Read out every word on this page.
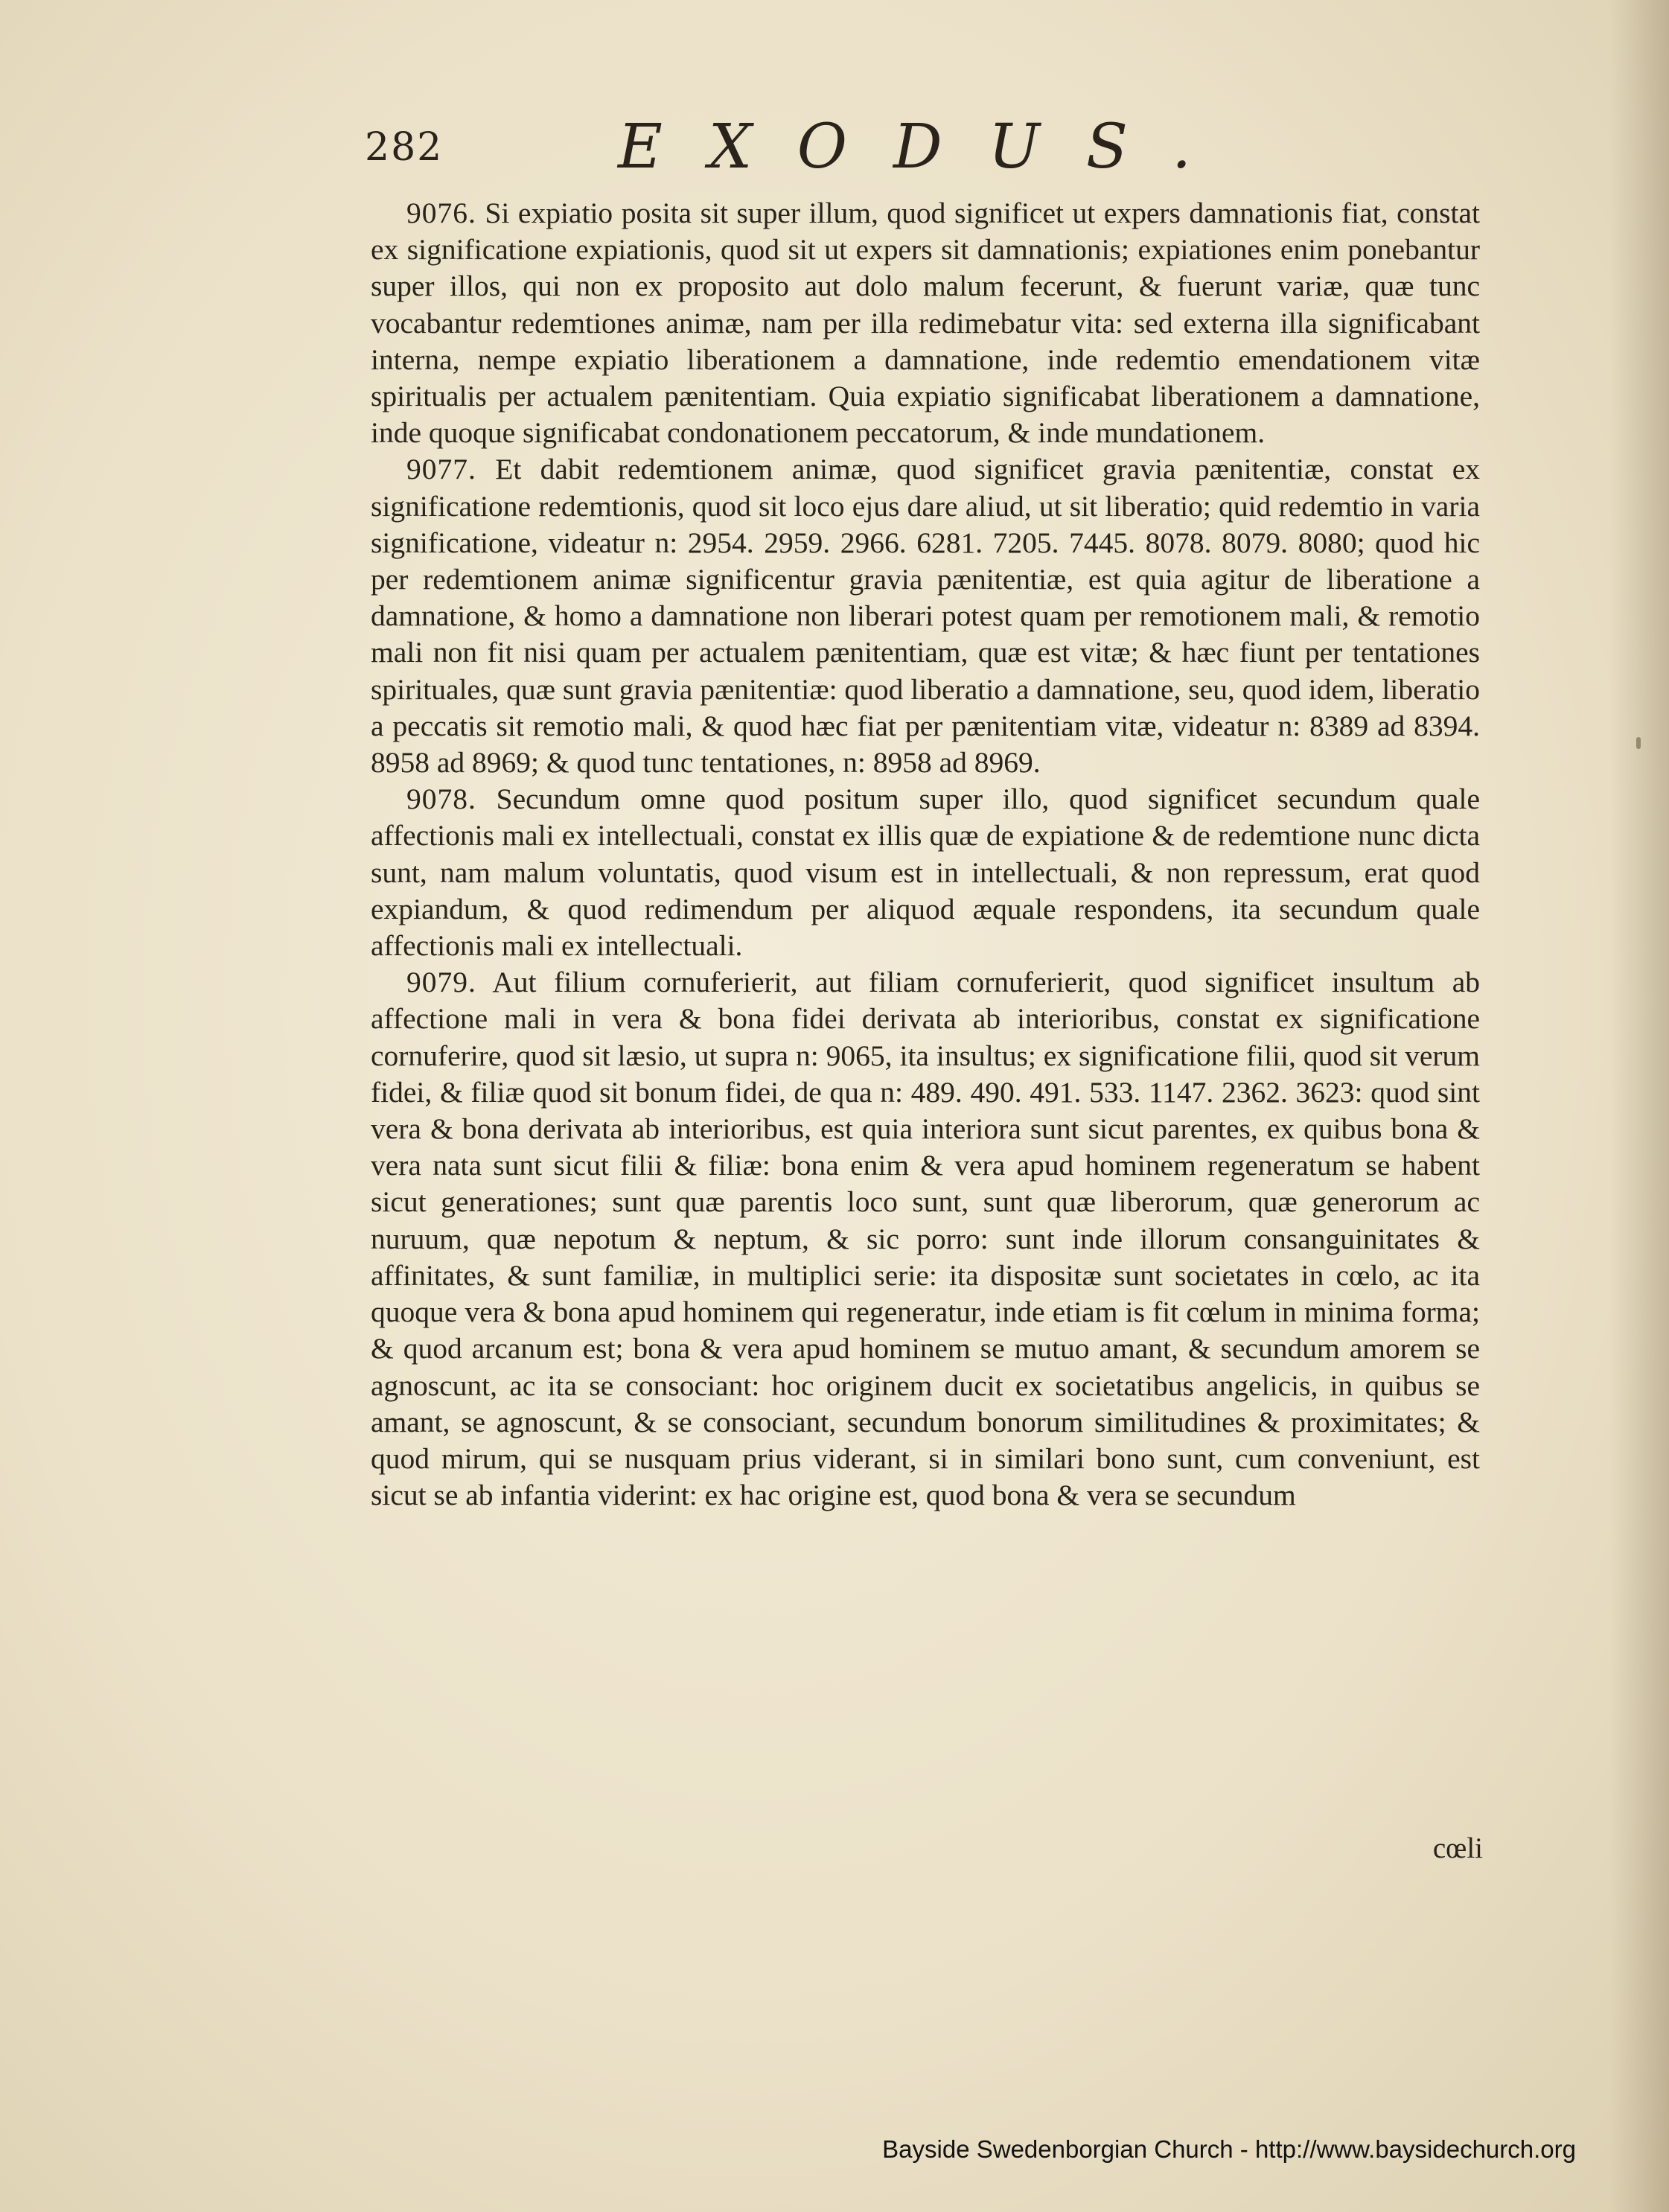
282	EXODUS.

9076. Si expiatio posita sit super illum, quod significet ut expers damnationis fiat, constat ex significatione expiationis, quod sit ut expers sit damnationis; expiationes enim ponebantur super illos, qui non ex proposito aut dolo malum fecerunt, & fuerunt variæ, quæ tunc vocabantur redemtiones animæ, nam per illa redimebatur vita: sed externa illa significabant interna, nempe expiatio liberationem a damnatione, inde redemtio emendationem vitæ spiritualis per actualem pænitentiam. Quia expiatio significabat liberationem a damnatione, inde quoque significabat condonationem peccatorum, & inde mundationem.

9077. Et dabit redemtionem animæ, quod significet gravia pænitentiæ, constat ex significatione redemtionis, quod sit loco ejus dare aliud, ut sit liberatio; quid redemtio in varia significatione, videatur n: 2954. 2959. 2966. 6281. 7205. 7445. 8078. 8079. 8080; quod hic per redemtionem animæ significentur gravia pænitentiæ, est quia agitur de liberatione a damnatione, & homo a damnatione non liberari potest quam per remotionem mali, & remotio mali non fit nisi quam per actualem pænitentiam, quæ est vitæ; & hæc fiunt per tentationes spirituales, quæ sunt gravia pænitentiæ: quod liberatio a damnatione, seu, quod idem, liberatio a peccatis sit remotio mali, & quod hæc fiat per pænitentiam vitæ, videatur n: 8389 ad 8394. 8958 ad 8969; & quod tunc tentationes, n: 8958 ad 8969.

9078. Secundum omne quod positum super illo, quod significet secundum quale affectionis mali ex intellectuali, constat ex illis quæ de expiatione & de redemtione nunc dicta sunt, nam malum voluntatis, quod visum est in intellectuali, & non repressum, erat quod expiandum, & quod redimendum per aliquod æquale respondens, ita secundum quale affectionis mali ex intellectuali.

9079. Aut filium cornuferierit, aut filiam cornuferierit, quod significet insultum ab affectione mali in vera & bona fidei derivata ab interioribus, constat ex significatione cornuferire, quod sit læsio, ut supra n: 9065, ita insultus; ex significatione filii, quod sit verum fidei, & filiæ quod sit bonum fidei, de qua n: 489. 490. 491. 533. 1147. 2362. 3623: quod sint vera & bona derivata ab interioribus, est quia interiora sunt sicut parentes, ex quibus bona & vera nata sunt sicut filii & filiæ: bona enim & vera apud hominem regeneratum se habent sicut generationes; sunt quæ parentis loco sunt, sunt quæ liberorum, quæ generorum ac nuruum, quæ nepotum & neptum, & sic porro: sunt inde illorum consanguinitates & affinitates, & sunt familiæ, in multiplici serie: ita dispositæ sunt societates in cœlo, ac ita quoque vera & bona apud hominem qui regeneratur, inde etiam is fit cœlum in minima forma; & quod arcanum est; bona & vera apud hominem se mutuo amant, & secundum amorem se agnoscunt, ac ita se consociant: hoc originem ducit ex societatibus angelicis, in quibus se amant, se agnoscunt, & se consociant, secundum bonorum similitudines & proximitates; & quod mirum, qui se nusquam prius viderant, si in similari bono sunt, cum conveniunt, est sicut se ab infantia viderint: ex hac origine est, quod bona & vera se secundum

cœli
Bayside Swedenborgian Church - http://www.baysidechurch.org
